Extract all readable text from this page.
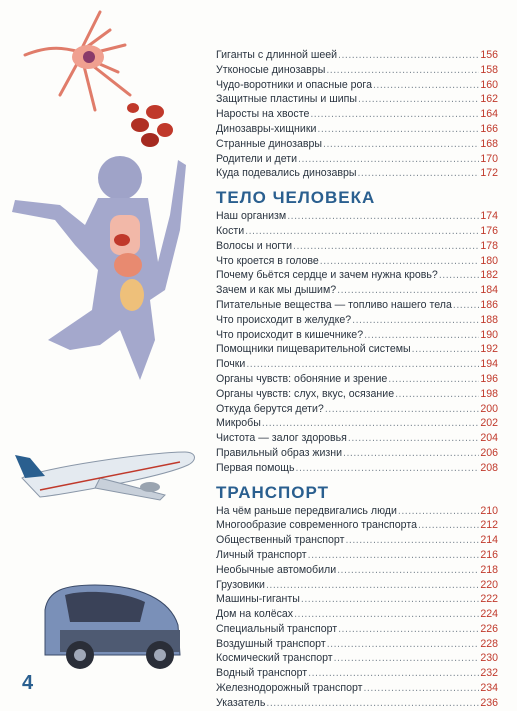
Гиганты с длинной шеей .....	156
Утконосые динозавры .....	158
Чудо-воротники и опасные рога .....	160
Защитные пластины и шипы .....	162
Наросты на хвосте .....	164
Динозавры-хищники .....	166
Странные динозавры .....	168
Родители и дети .....	170
Куда подевались динозавры .....	172
ТЕЛО ЧЕЛОВЕКА
Наш организм .....	174
Кости .....	176
Волосы и ногти .....	178
Что кроется в голове .....	180
Почему бьётся сердце и зачем нужна кровь? .....	182
Зачем и как мы дышим? .....	184
Питательные вещества — топливо нашего тела .....	186
Что происходит в желудке? .....	188
Что происходит в кишечнике? .....	190
Помощники пищеварительной системы .....	192
Почки .....	194
Органы чувств: обоняние и зрение .....	196
Органы чувств: слух, вкус, осязание .....	198
Откуда берутся дети? .....	200
Микробы .....	202
Чистота — залог здоровья .....	204
Правильный образ жизни .....	206
Первая помощь .....	208
ТРАНСПОРТ
На чём раньше передвигались люди .....	210
Многообразие современного транспорта .....	212
Общественный транспорт .....	214
Личный транспорт .....	216
Необычные автомобили .....	218
Грузовики .....	220
Машины-гиганты .....	222
Дом на колёсах .....	224
Специальный транспорт .....	226
Воздушный транспорт .....	228
Космический транспорт .....	230
Водный транспорт .....	232
Железнодорожный транспорт .....	234
Указатель .....	236
4
